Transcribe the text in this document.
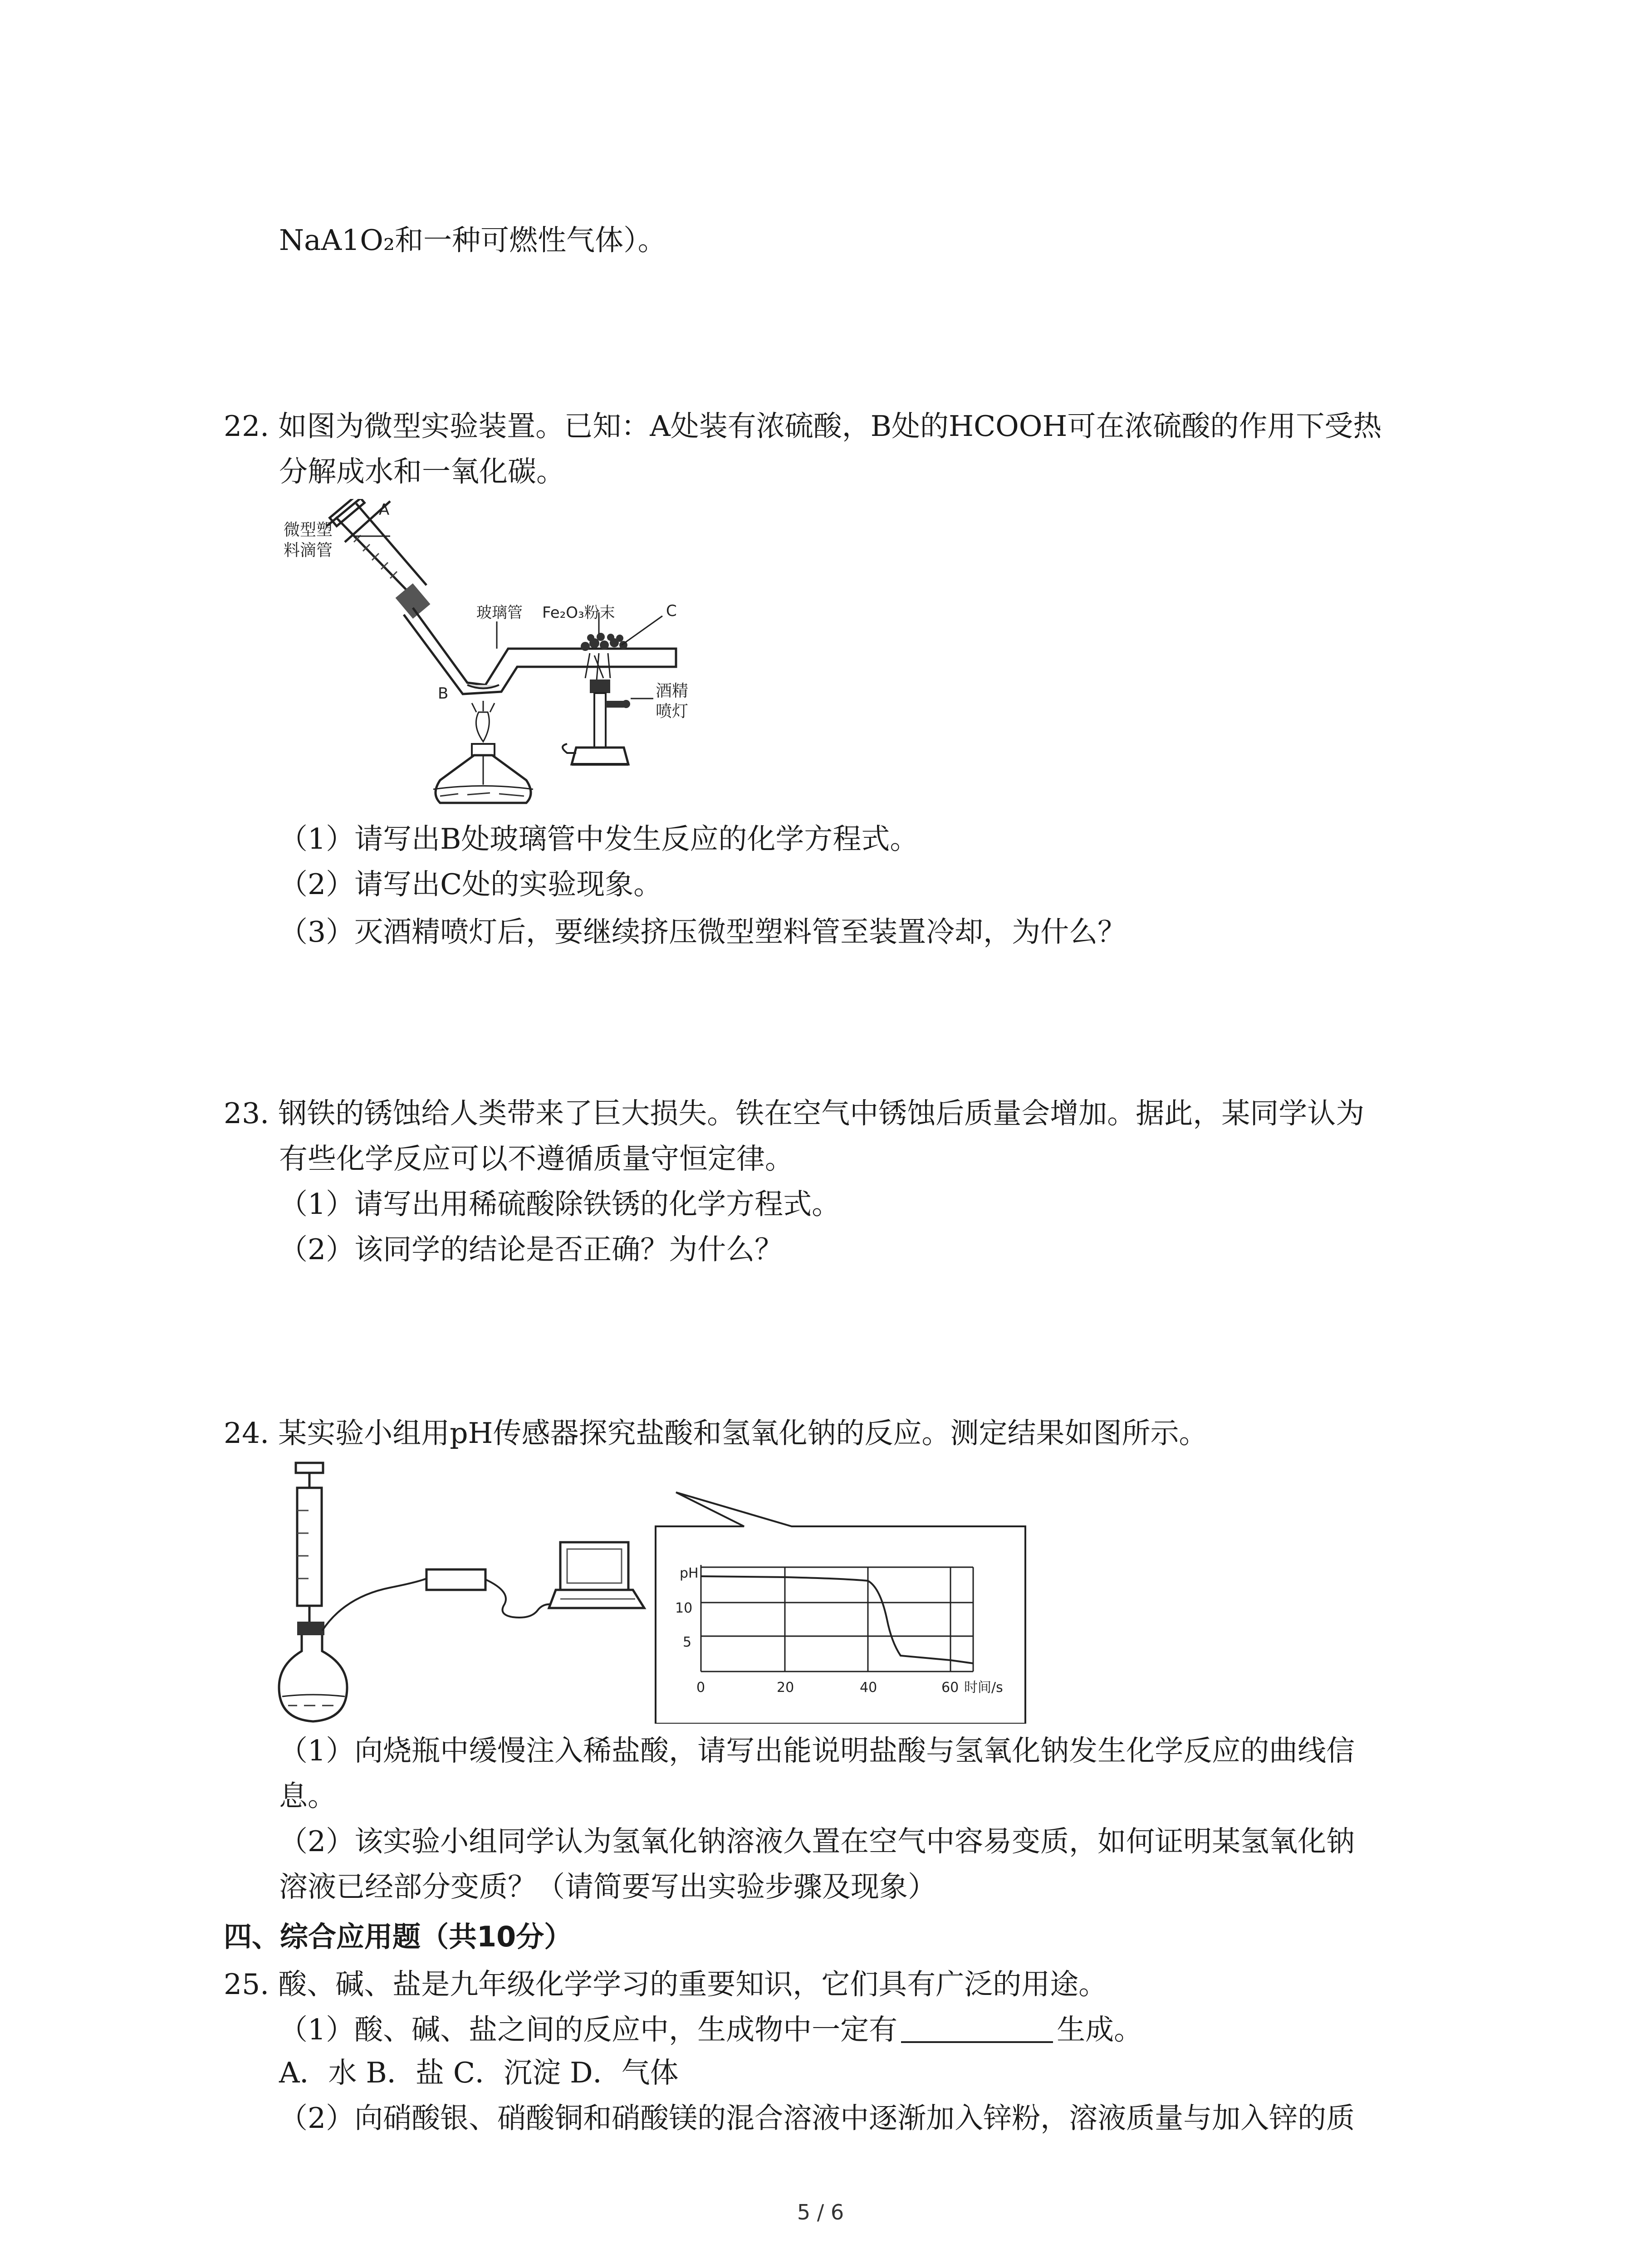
NaA1O₂和一种可燃性气体）。
22. 如图为微型实验装置。已知：A处装有浓硫酸，B处的HCOOH可在浓硫酸的作用下受热
分解成水和一氧化碳。
A
微型塑
料滴管
玻璃管 Fe₂O₃粉末	C
B	酒精
喷灯
（1）请写出B处玻璃管中发生反应的化学方程式。
（2）请写出C处的实验现象。
（3）灭酒精喷灯后，要继续挤压微型塑料管至装置冷却，为什么？
23. 钢铁的锈蚀给人类带来了巨大损失。铁在空气中锈蚀后质量会增加。据此，某同学认为
有些化学反应可以不遵循质量守恒定律。
（1）请写出用稀硫酸除铁锈的化学方程式。
（2）该同学的结论是否正确？为什么？
24. 某实验小组用pH传感器探究盐酸和氢氧化钠的反应。测定结果如图所示。
pH
10
5
0	20	40	60 时间/s
（1）向烧瓶中缓慢注入稀盐酸，请写出能说明盐酸与氢氧化钠发生化学反应的曲线信
息。
（2）该实验小组同学认为氢氧化钠溶液久置在空气中容易变质，如何证明某氢氧化钠
溶液已经部分变质？（请简要写出实验步骤及现象）
四、综合应用题（共10分）
25. 酸、碱、盐是九年级化学学习的重要知识，它们具有广泛的用途。
（1）酸、碱、盐之间的反应中，生成物中一定有	生成。
A．水 B．盐 C．沉淀 D．气体
（2）向硝酸银、硝酸铜和硝酸镁的混合溶液中逐渐加入锌粉，溶液质量与加入锌的质
5 / 6
